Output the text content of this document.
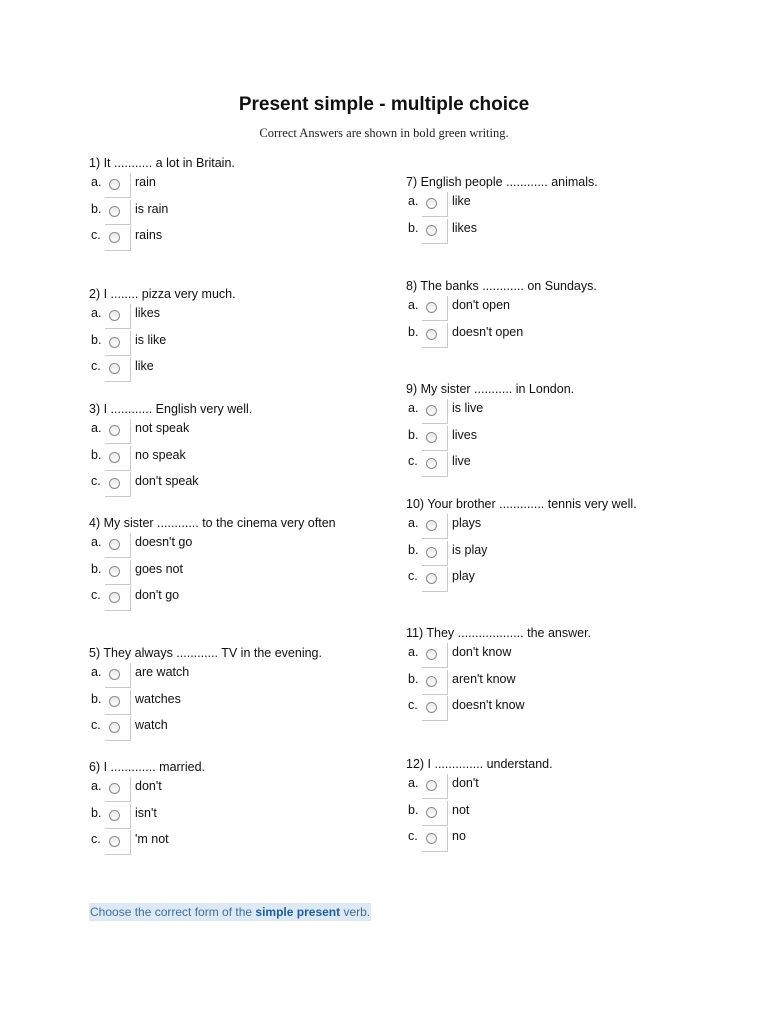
Present simple - multiple choice
Correct Answers are shown in bold green writing.
1) It ........... a lot in Britain.
a.	rain
b.	is rain
c.	rains
2) I ........ pizza very much.
a.	likes
b.	is like
c.	like
3) I ............ English very well.
a.	not speak
b.	no speak
c.	don't speak
4) My sister ............ to the cinema very often
a.	doesn't go
b.	goes not
c.	don't go
5) They always ............ TV in the evening.
a.	are watch
b.	watches
c.	watch
6) I ............. married.
a.	don't
b.	isn't
c.	'm not
7) English people ............ animals.
a.	like
b.	likes
8) The banks ............ on Sundays.
a.	don't open
b.	doesn't open
9) My sister ........... in London.
a.	is live
b.	lives
c.	live
10) Your brother ............. tennis very well.
a.	plays
b.	is play
c.	play
11) They ................... the answer.
a.	don't know
b.	aren't know
c.	doesn't know
12) I .............. understand.
a.	don't
b.	not
c.	no
Choose the correct form of the simple present verb.
